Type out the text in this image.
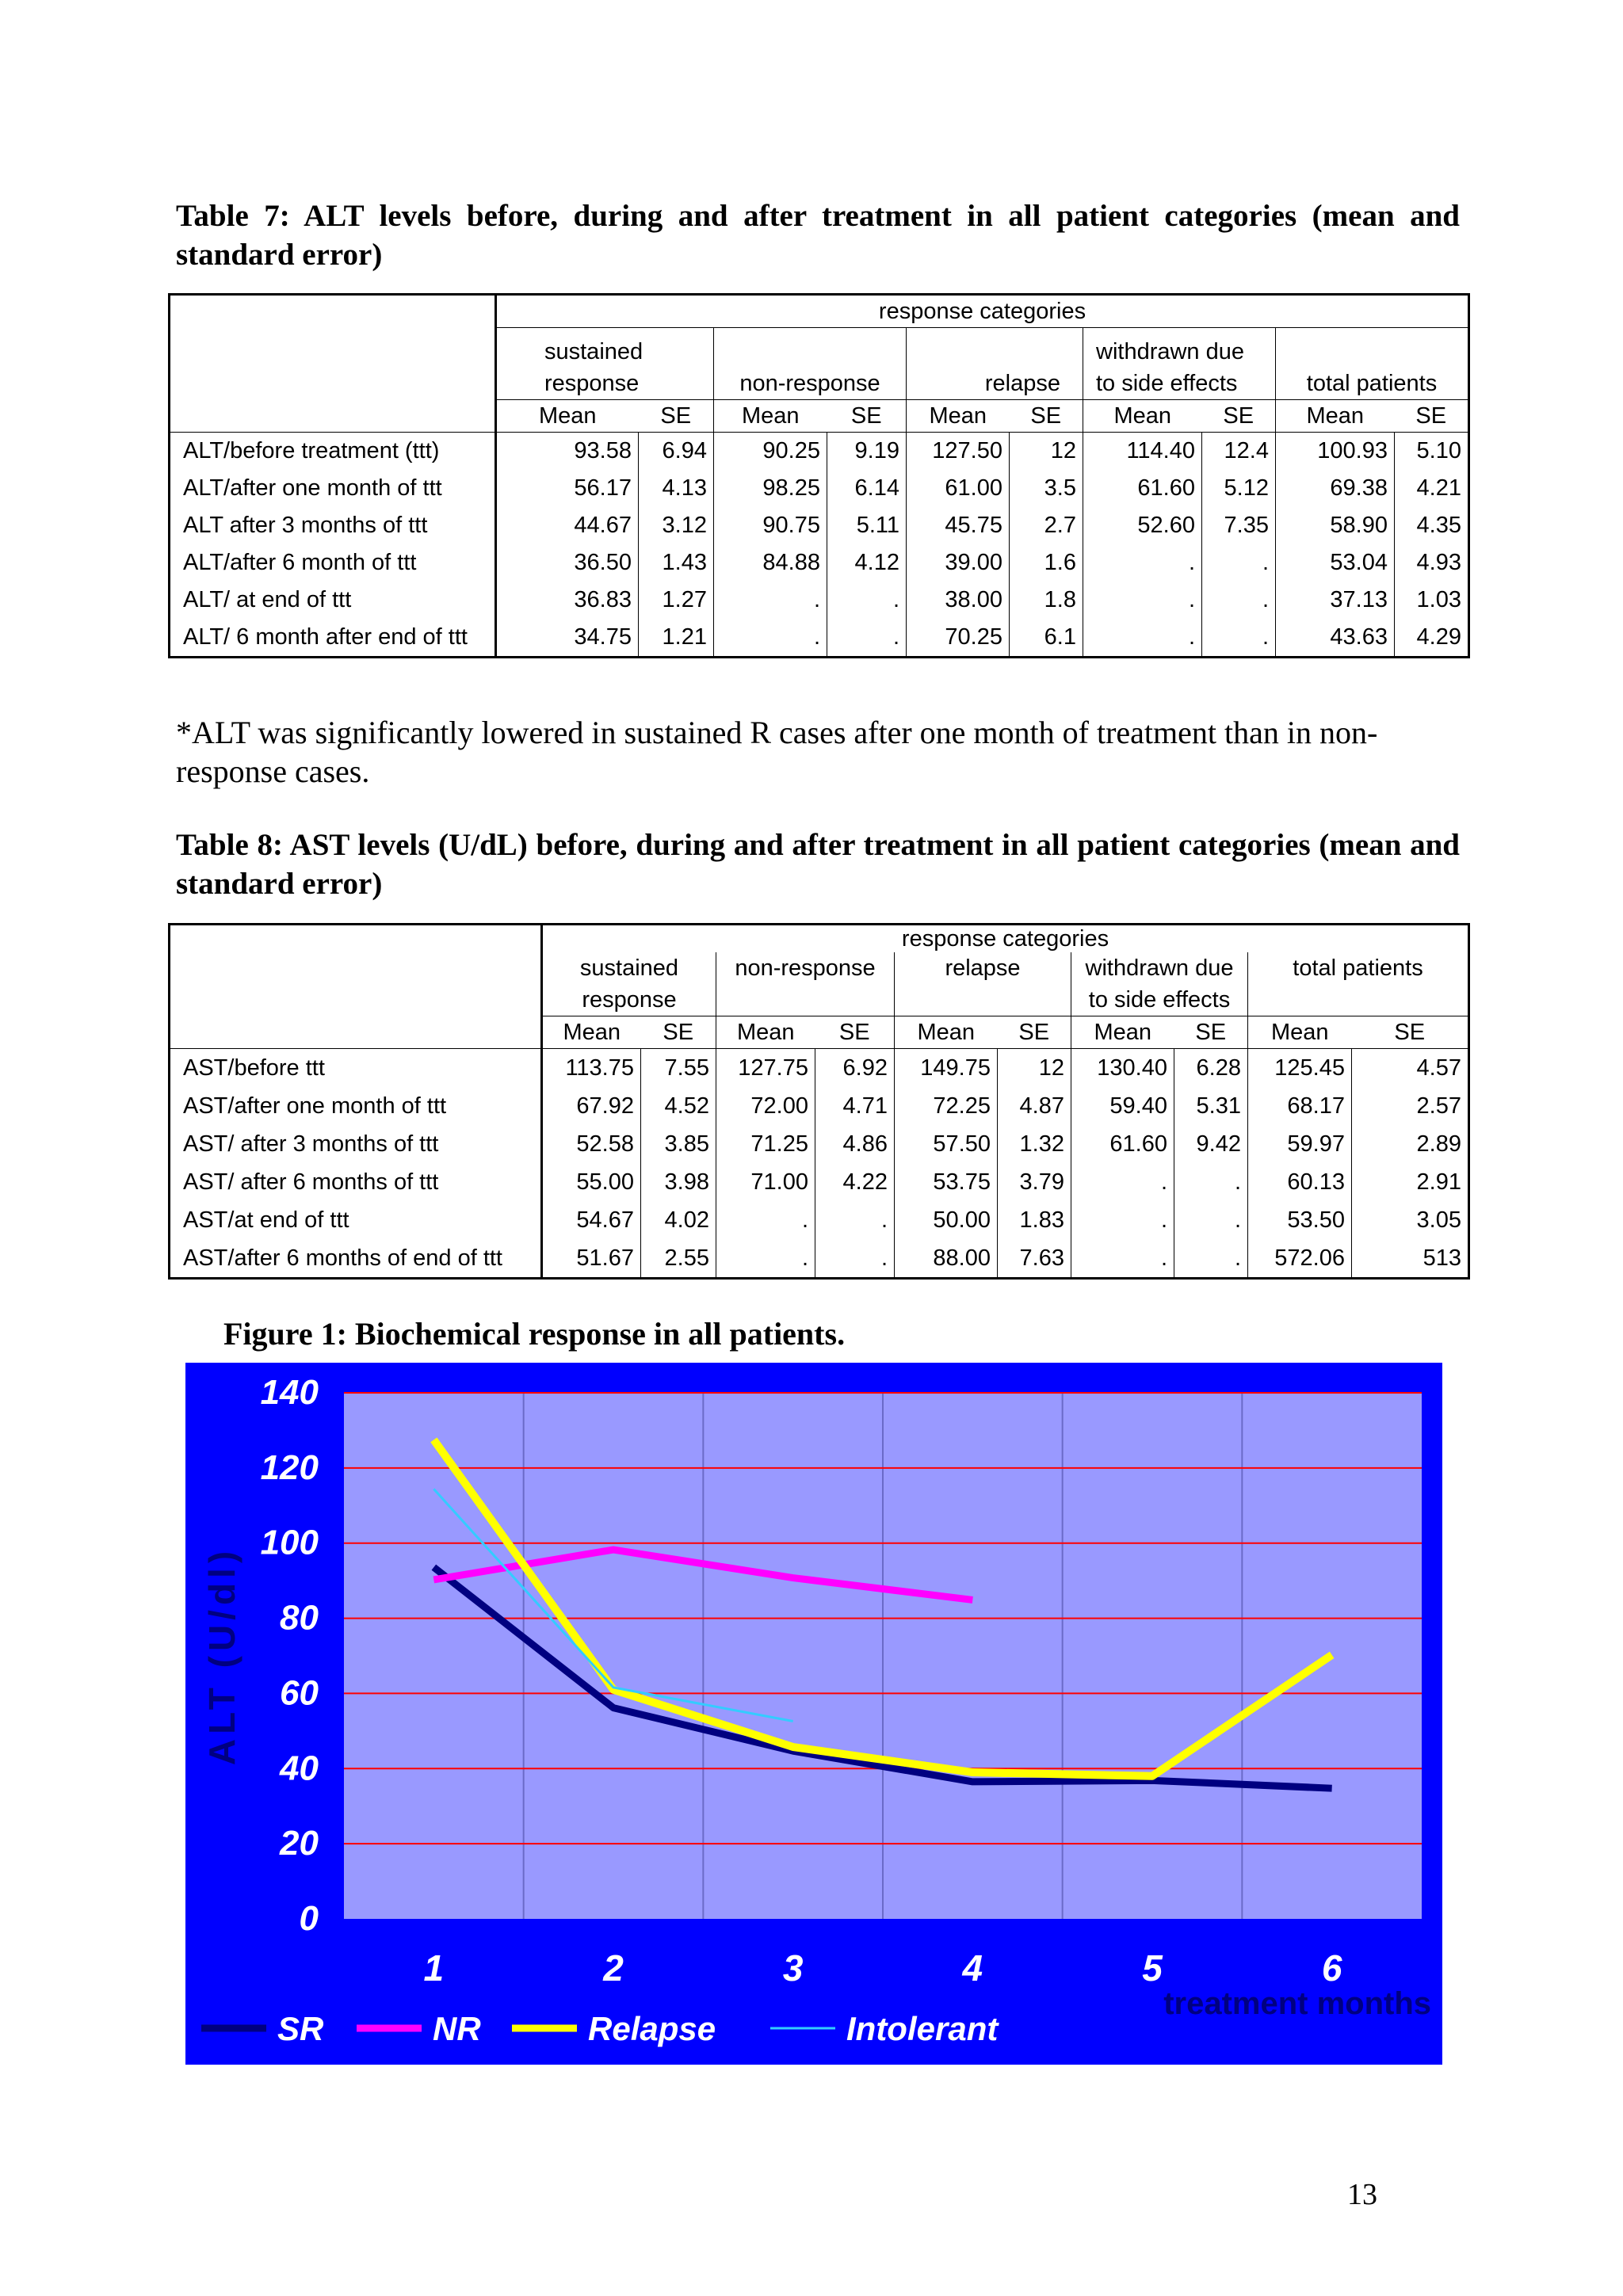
Table 7: ALT levels before, during and after treatment in all patient categories (mean and standard error)
	response categories									
	sustained
response		non-response		relapse		withdrawn due
to side effects		total patients	
	Mean	SE	Mean	SE	Mean	SE	Mean	SE	Mean	SE
ALT/before treatment (ttt)	93.58	6.94	90.25	9.19	127.50	12	114.40	12.4	100.93	5.10
ALT/after one month of ttt	56.17	4.13	98.25	6.14	61.00	3.5	61.60	5.12	69.38	4.21
ALT after 3 months of ttt	44.67	3.12	90.75	5.11	45.75	2.7	52.60	7.35	58.90	4.35
ALT/after 6 month of ttt	36.50	1.43	84.88	4.12	39.00	1.6	.	.	53.04	4.93
ALT/ at end of ttt	36.83	1.27	.	.	38.00	1.8	.	.	37.13	1.03
ALT/ 6 month after end of ttt	34.75	1.21	.	.	70.25	6.1	.	.	43.63	4.29
*ALT was significantly lowered in sustained R cases after one month of treatment than in non-response cases.
Table 8: AST levels (U/dL) before, during and after treatment in all patient categories (mean and standard error)
	response categories									
	sustained
response		non-response		relapse		withdrawn due
to side effects		total patients	
	Mean	SE	Mean	SE	Mean	SE	Mean	SE	Mean	SE
AST/before ttt	113.75	7.55	127.75	6.92	149.75	12	130.40	6.28	125.45	4.57
AST/after one month of ttt	67.92	4.52	72.00	4.71	72.25	4.87	59.40	5.31	68.17	2.57
AST/ after 3 months of ttt	52.58	3.85	71.25	4.86	57.50	1.32	61.60	9.42	59.97	2.89
AST/ after 6 months of ttt	55.00	3.98	71.00	4.22	53.75	3.79	.	.	60.13	2.91
AST/at end of ttt	54.67	4.02	.	.	50.00	1.83	.	.	53.50	3.05
AST/after 6 months of end of ttt	51.67	2.55	.	.	88.00	7.63	.	.	572.06	513
Figure 1: Biochemical response in all patients.
0
20
40
60
80
100
120
140
1	2	3	4	5	6
ALT (U/dl)
treatment months
SR	NR	Relapse	Intolerant
13
